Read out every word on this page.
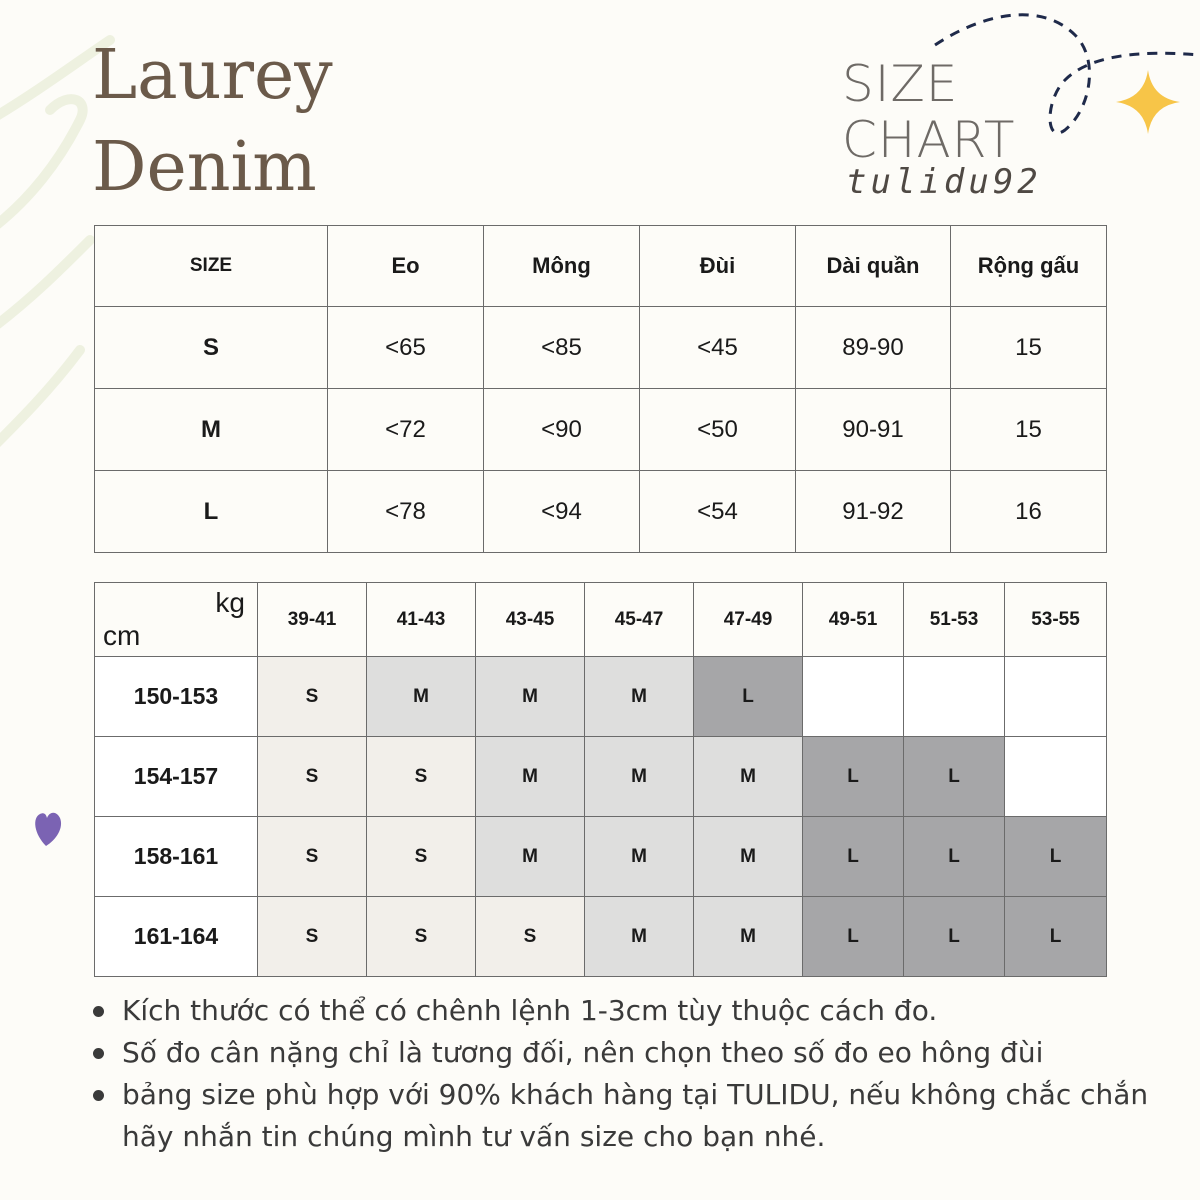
Laurey
Denim
SIZE
CHART
tulidu92
SIZE	Eo	Mông	Đùi	Dài quần	Rộng gấu
S	<65	<85	<45	89-90	15
M	<72	<90	<50	90-91	15
L	<78	<94	<54	91-92	16
kg
cm	39-41	41-43	43-45	45-47	47-49	49-51	51-53	53-55
150-153	S	M	M	M	L			
154-157	S	S	M	M	M	L	L	
158-161	S	S	M	M	M	L	L	L
161-164	S	S	S	M	M	L	L	L
Kích thước có thể có chênh lệnh 1-3cm tùy thuộc cách đo.
Số đo cân nặng chỉ là tương đối, nên chọn theo số đo eo hông đùi
bảng size phù hợp với 90% khách hàng tại TULIDU, nếu không chắc chắn hãy nhắn tin chúng mình tư vấn size cho bạn nhé.
